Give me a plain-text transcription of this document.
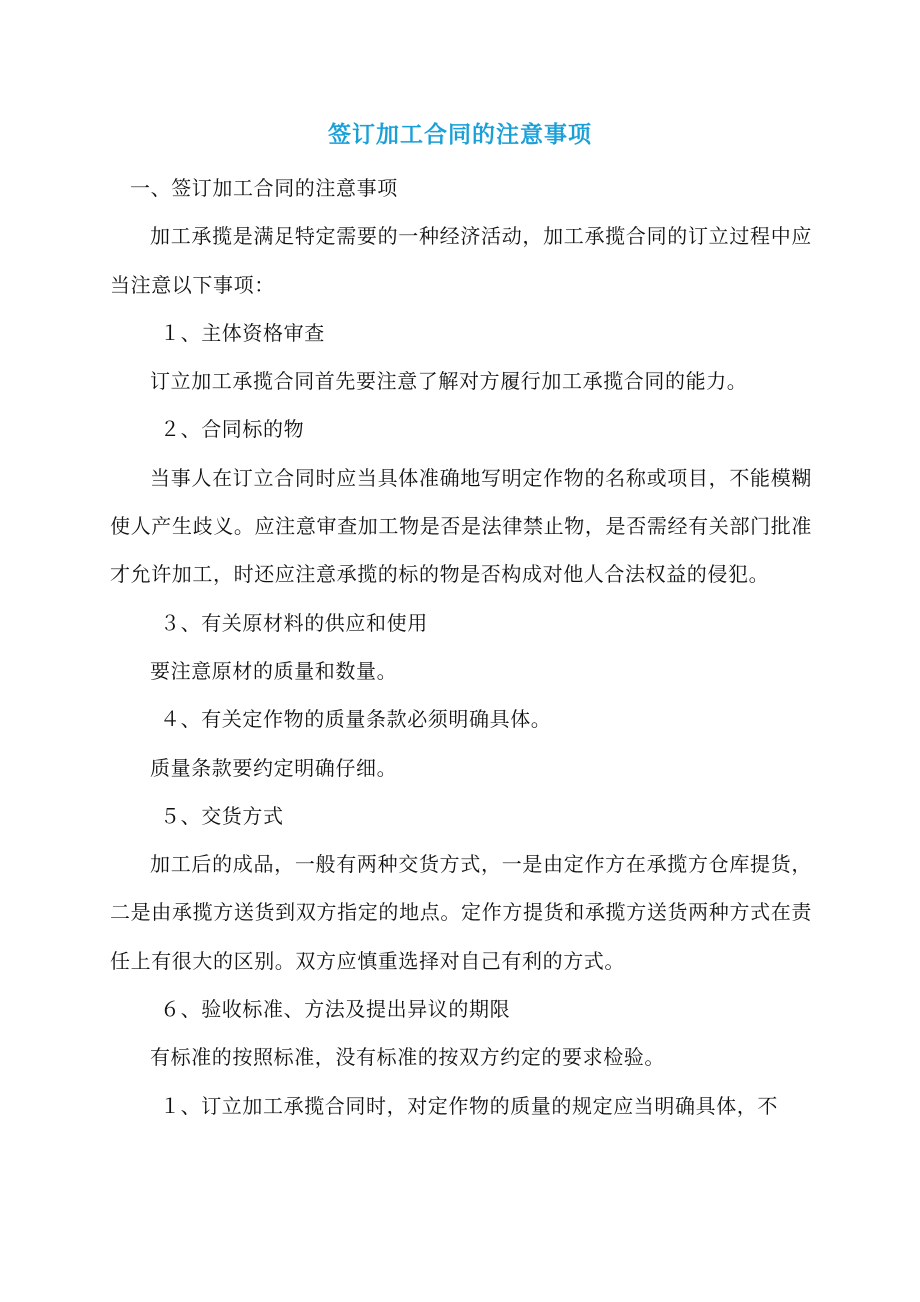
签订加工合同的注意事项

一、签订加工合同的注意事项

加工承揽是满足特定需要的一种经济活动，加工承揽合同的订立过程中应当注意以下事项：

１、主体资格审查

订立加工承揽合同首先要注意了解对方履行加工承揽合同的能力。

２、合同标的物

当事人在订立合同时应当具体准确地写明定作物的名称或项目，不能模糊使人产生歧义。应注意审查加工物是否是法律禁止物，是否需经有关部门批准才允许加工，时还应注意承揽的标的物是否构成对他人合法权益的侵犯。

３、有关原材料的供应和使用

要注意原材的质量和数量。

４、有关定作物的质量条款必须明确具体。

质量条款要约定明确仔细。

５、交货方式

加工后的成品，一般有两种交货方式，一是由定作方在承揽方仓库提货，二是由承揽方送货到双方指定的地点。定作方提货和承揽方送货两种方式在责任上有很大的区别。双方应慎重选择对自己有利的方式。

６、验收标准、方法及提出异议的期限

有标准的按照标准，没有标准的按双方约定的要求检验。

１、订立加工承揽合同时，对定作物的质量的规定应当明确具体，不
